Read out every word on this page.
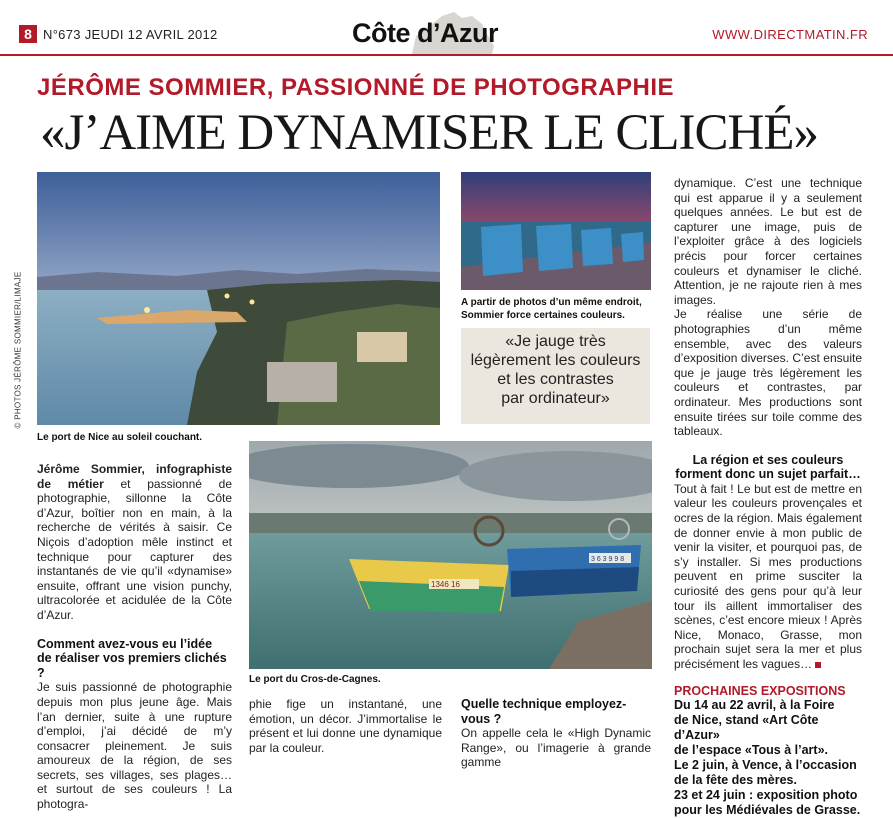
8 N°673 JEUDI 12 AVRIL 2012	Côte d’Azur	WWW.DIRECTMATIN.FR
JÉRÔME SOMMIER, PASSIONNÉ DE PHOTOGRAPHIE
«J’AIME DYNAMISER LE CLICHÉ»
© PHOTOS JÉRÔME SOMMIER/LIMAJE
Le port de Nice au soleil couchant.
A partir de photos d’un même endroit,
Sommier force certaines couleurs.
«Je jauge très
légèrement les couleurs
et les contrastes
par ordinateur»
1346 16
3 6 3 9 9 8
Le port du Cros-de-Cagnes.

Jérôme Sommier, infographiste de métier et passionné de photographie, sillonne la Côte d’Azur, boîtier non en main, à la recherche de vérités à saisir. Ce Niçois d’adoption mêle instinct et technique pour capturer des instantanés de vie qu’il «dynamise» ensuite, offrant une vision punchy, ultracolorée et acidulée de la Côte d’Azur.

Comment avez-vous eu l’idée
de réaliser vos premiers clichés ?

Je suis passionné de photographie depuis mon plus jeune âge. Mais l’an dernier, suite à une rupture d’emploi, j’ai décidé de m’y consacrer pleinement. Je suis amoureux de la région, de ses secrets, ses villages, ses plages… et surtout de ses couleurs ! La photogra-

phie fige un instantané, une émotion, un décor. J’immortalise le présent et lui donne une dynamique par la couleur.

Quelle technique employez-vous ?

On appelle cela le «High Dynamic Range», ou l’imagerie à grande gamme

dynamique. C’est une technique qui est apparue il y a seulement quelques années. Le but est de capturer une image, puis de l’exploiter grâce à des logiciels précis pour forcer certaines couleurs et dynamiser le cliché. Attention, je ne rajoute rien à mes images.

Je réalise une série de photographies d’un même ensemble, avec des valeurs d’exposition diverses. C’est ensuite que je jauge très légèrement les couleurs et contrastes, par ordinateur. Mes productions sont ensuite tirées sur toile comme des tableaux.

La région et ses couleurs
forment donc un sujet parfait…

Tout à fait ! Le but est de mettre en valeur les couleurs provençales et ocres de la région. Mais également de donner envie à mon public de venir la visiter, et pourquoi pas, de s’y installer. Si mes productions peuvent en prime susciter la curiosité des gens pour qu’à leur tour ils aillent immortaliser des scènes, c’est encore mieux ! Après Nice, Monaco, Grasse, mon prochain sujet sera la mer et plus précisément les vagues…

PROCHAINES EXPOSITIONS

Du 14 au 22 avril, à la Foire
de Nice, stand «Art Côte d’Azur»
de l’espace «Tous à l’art».
Le 2 juin, à Vence, à l’occasion
de la fête des mères.
23 et 24 juin : exposition photo
pour les Médiévales de Grasse.
